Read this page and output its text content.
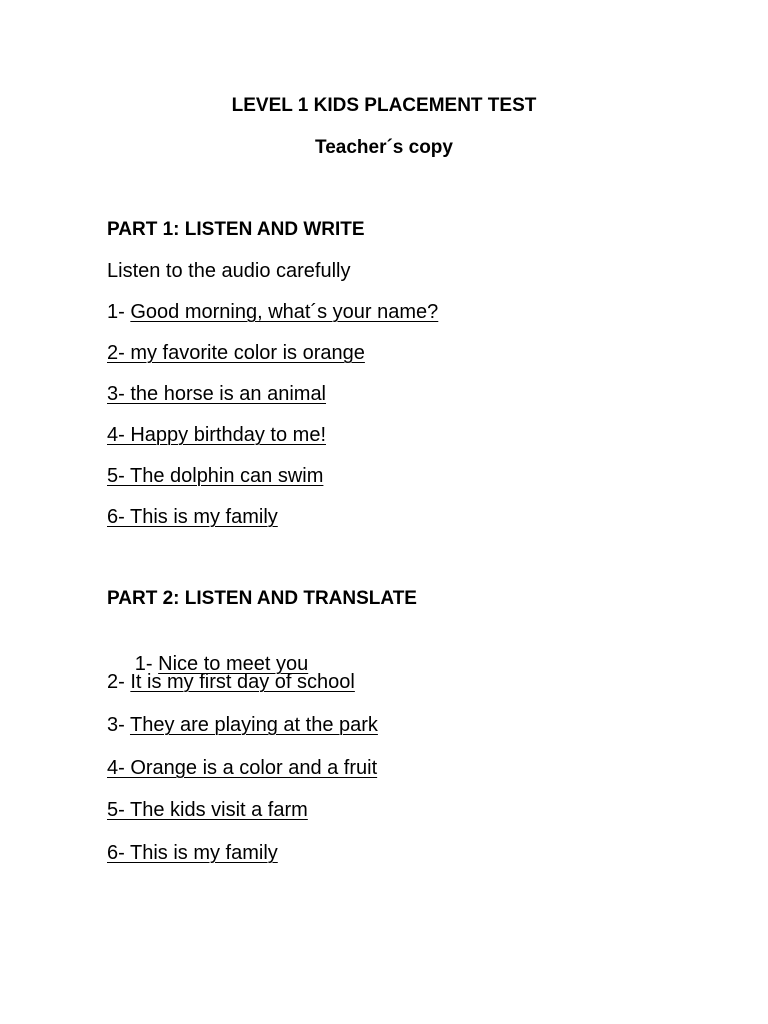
LEVEL 1 KIDS PLACEMENT TEST
Teacher´s copy
PART 1: LISTEN AND WRITE
Listen to the audio carefully
1- Good morning, what´s your name?
2- my favorite color is orange
3- the horse is an animal
4- Happy birthday to me!
5- The dolphin can swim
6- This is my family
PART 2: LISTEN AND TRANSLATE

1- Nice to meet you

2- It is my first day of school
3- They are playing at the park
4- Orange is a color and a fruit
5- The kids visit a farm
6- This is my family
